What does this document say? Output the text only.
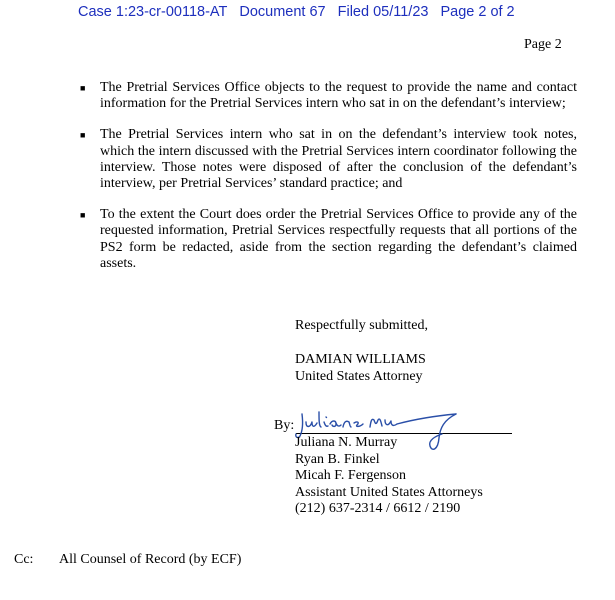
Case 1:23-cr-00118-AT Document 67 Filed 05/11/23 Page 2 of 2
Page 2
■	The Pretrial Services Office objects to the request to provide the name and contact information for the Pretrial Services intern who sat in on the defendant’s interview;
■	The Pretrial Services intern who sat in on the defendant’s interview took notes, which the intern discussed with the Pretrial Services intern coordinator following the interview. Those notes were disposed of after the conclusion of the defendant’s interview, per Pretrial Services’ standard practice; and
■	To the extent the Court does order the Pretrial Services Office to provide any of the requested information, Pretrial Services respectfully requests that all portions of the PS2 form be redacted, aside from the section regarding the defendant’s claimed assets.
Respectfully submitted,
DAMIAN WILLIAMS
United States Attorney
By:
Juliana N. Murray
Ryan B. Finkel
Micah F. Fergenson
Assistant United States Attorneys
(212) 637-2314 / 6612 / 2190
Cc: All Counsel of Record (by ECF)
